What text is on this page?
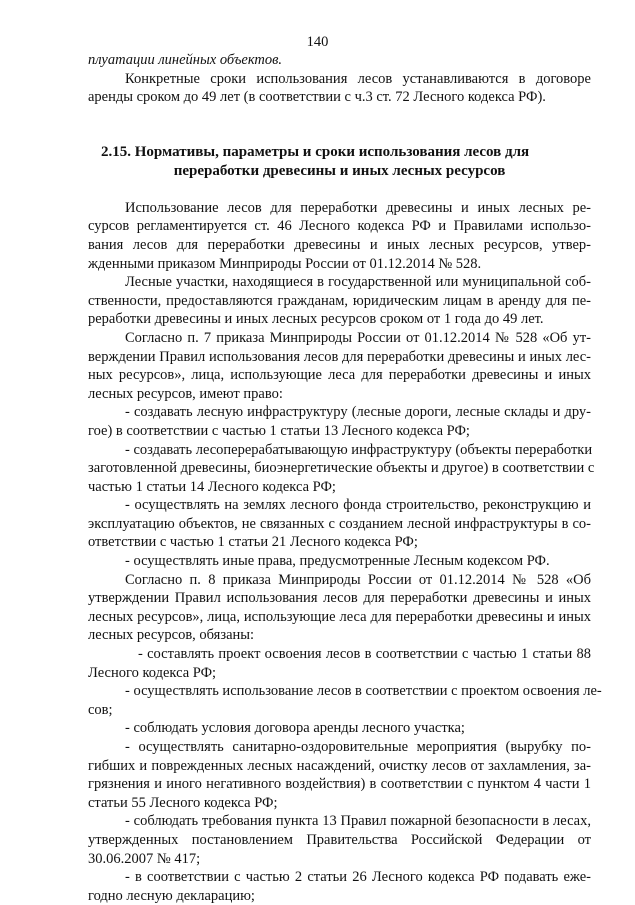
140
плуатации линейных объектов.
Конкретные сроки использования лесов устанавливаются в договоре
аренды сроком до 49 лет (в соответствии с ч.3 ст. 72 Лесного кодекса РФ).
2.15. Нормативы, параметры и сроки использования лесов для
переработки древесины и иных лесных ресурсов
Использование лесов для переработки древесины и иных лесных ре-
сурсов регламентируется ст. 46 Лесного кодекса РФ и Правилами использо-
вания лесов для переработки древесины и иных лесных ресурсов, утвер-
жденными приказом Минприроды России от 01.12.2014 № 528.
Лесные участки, находящиеся в государственной или муниципальной соб-
ственности, предоставляются гражданам, юридическим лицам в аренду для пе-
реработки древесины и иных лесных ресурсов сроком от 1 года до 49 лет.
Согласно п. 7 приказа Минприроды России от 01.12.2014 № 528 «Об ут-
верждении Правил использования лесов для переработки древесины и иных лес-
ных ресурсов», лица, использующие леса для переработки древесины и иных
лесных ресурсов, имеют право:
- создавать лесную инфраструктуру (лесные дороги, лесные склады и дру-
гое) в соответствии с частью 1 статьи 13 Лесного кодекса РФ;
- создавать лесоперерабатывающую инфраструктуру (объекты переработки
заготовленной древесины, биоэнергетические объекты и другое) в соответствии с
частью 1 статьи 14 Лесного кодекса РФ;
- осуществлять на землях лесного фонда строительство, реконструкцию и
эксплуатацию объектов, не связанных с созданием лесной инфраструктуры в со-
ответствии с частью 1 статьи 21 Лесного кодекса РФ;
- осуществлять иные права, предусмотренные Лесным кодексом РФ.
Согласно п. 8 приказа Минприроды России от 01.12.2014 № 528 «Об
утверждении Правил использования лесов для переработки древесины и иных
лесных ресурсов», лица, использующие леса для переработки древесины и иных
лесных ресурсов, обязаны:
- составлять проект освоения лесов в соответствии с частью 1 статьи 88
Лесного кодекса РФ;
- осуществлять использование лесов в соответствии с проектом освоения ле-
сов;
- соблюдать условия договора аренды лесного участка;
- осуществлять санитарно-оздоровительные мероприятия (вырубку по-
гибших и поврежденных лесных насаждений, очистку лесов от захламления, за-
грязнения и иного негативного воздействия) в соответствии с пунктом 4 части 1
статьи 55 Лесного кодекса РФ;
- соблюдать требования пункта 13 Правил пожарной безопасности в лесах,
утвержденных постановлением Правительства Российской Федерации от
30.06.2007 № 417;
- в соответствии с частью 2 статьи 26 Лесного кодекса РФ подавать еже-
годно лесную декларацию;
